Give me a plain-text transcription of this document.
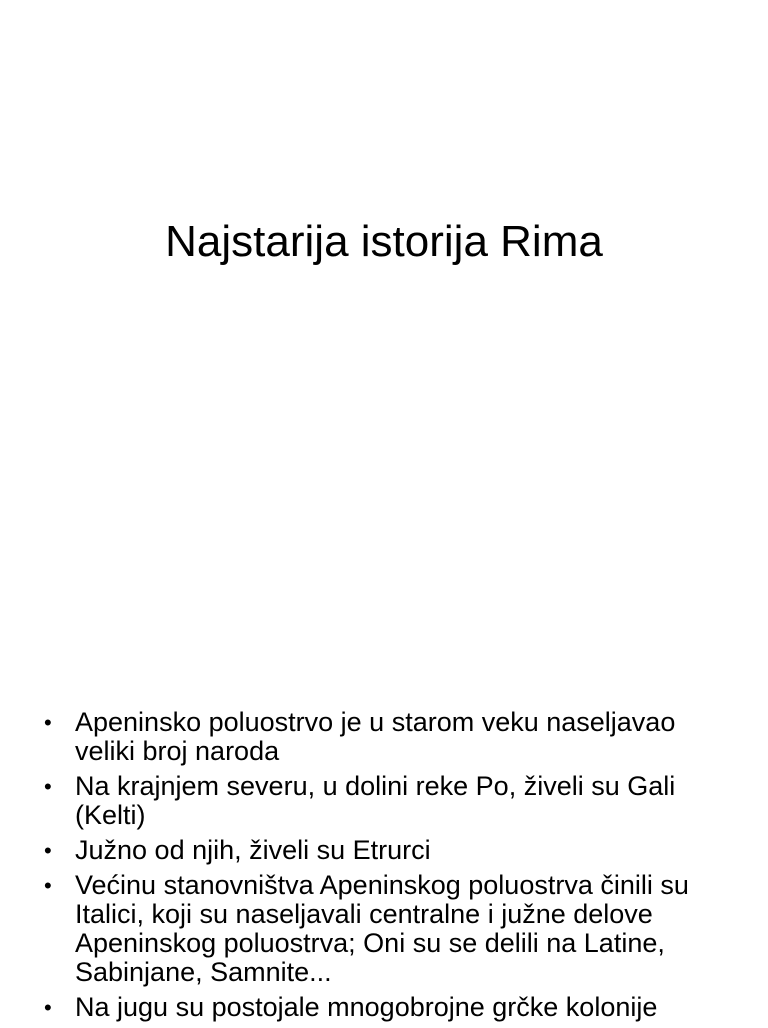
Najstarija istorija Rima
• Apeninsko poluostrvo je u starom veku naseljavao veliki broj naroda
• Na krajnjem severu, u dolini reke Po, živeli su Gali (Kelti)
• Južno od njih, živeli su Etrurci
• Većinu stanovništva Apeninskog poluostrva činili su Italici, koji su naseljavali centralne i južne delove Apeninskog poluostrva; Oni su se delili na Latine, Sabinjane, Samnite...
• Na jugu su postojale mnogobrojne grčke kolonije
